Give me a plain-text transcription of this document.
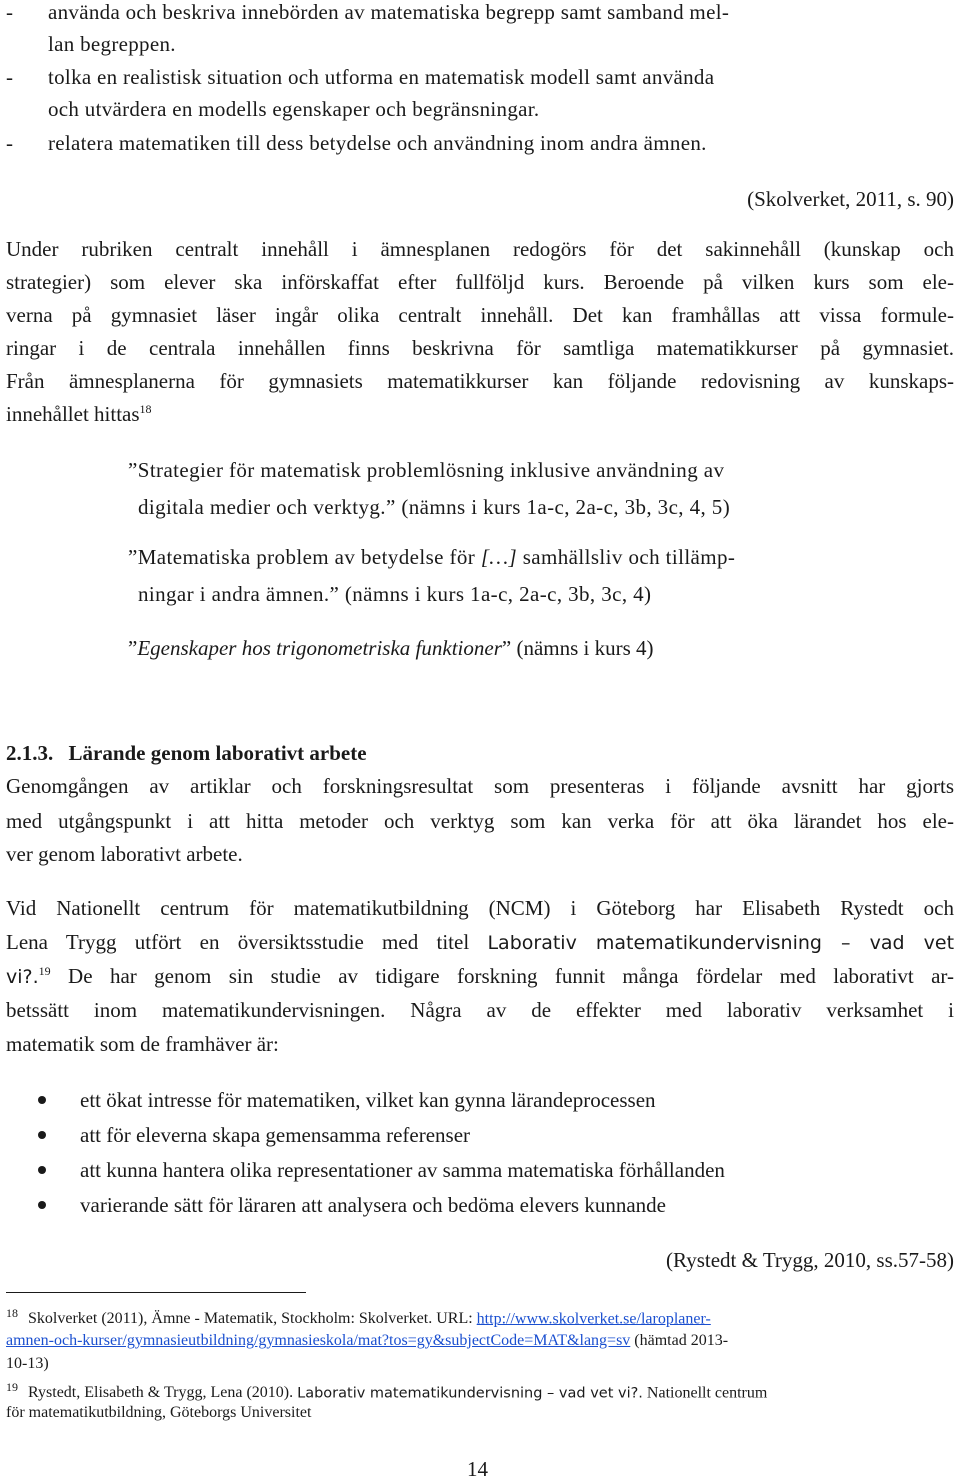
- använda och beskriva innebörden av matematiska begrepp samt samband mel-
lan begreppen.
- tolka en realistisk situation och utforma en matematisk modell samt använda
och utvärdera en modells egenskaper och begränsningar.
- relatera matematiken till dess betydelse och användning inom andra ämnen.
(Skolverket, 2011, s. 90)
Under rubriken centralt innehåll i ämnesplanen redogörs för det sakinnehåll (kunskap och
strategier) som elever ska införskaffat efter fullföljd kurs. Beroende på vilken kurs som ele-
verna på gymnasiet läser ingår olika centralt innehåll. Det kan framhållas att vissa formule-
ringar i de centrala innehållen finns beskrivna för samtliga matematikkurser på gymnasiet.
Från ämnesplanerna för gymnasiets matematikkurser kan följande redovisning av kunskaps-
innehållet hittas$^{18}$
”Strategier för matematisk problemlösning inklusive användning av
digitala medier och verktyg.” (nämns i kurs 1a-c, 2a-c, 3b, 3c, 4, 5)
”Matematiska problem av betydelse för […] samhällsliv och tillämp-
ningar i andra ämnen.” (nämns i kurs 1a-c, 2a-c, 3b, 3c, 4)
”Egenskaper hos trigonometriska funktioner” (nämns i kurs 4)
2.1.3. Lärande genom laborativt arbete
Genomgången av artiklar och forskningsresultat som presenteras i följande avsnitt har gjorts
med utgångspunkt i att hitta metoder och verktyg som kan verka för att öka lärandet hos ele-
ver genom laborativt arbete.
Vid Nationellt centrum för matematikutbildning (NCM) i Göteborg har Elisabeth Rystedt och
Lena Trygg utfört en översiktsstudie med titel Laborativ matematikundervisning – vad vet
vi?.$^{19}$ De har genom sin studie av tidigare forskning funnit många fördelar med laborativt ar-
betssätt inom matematikundervisningen. Några av de effekter med laborativ verksamhet i
matematik som de framhäver är:
ett ökat intresse för matematiken, vilket kan gynna lärandeprocessen
att för eleverna skapa gemensamma referenser
att kunna hantera olika representationer av samma matematiska förhållanden
varierande sätt för läraren att analysera och bedöma elevers kunnande
(Rystedt & Trygg, 2010, ss.57-58)
$^{18}$ Skolverket (2011), Ämne - Matematik, Stockholm: Skolverket. URL: http://www.skolverket.se/laroplaner-
amnen-och-kurser/gymnasieutbildning/gymnasieskola/mat?tos=gy&subjectCode=MAT&lang=sv (hämtad 2013-
10-13)
$^{19}$ Rystedt, Elisabeth & Trygg, Lena (2010). Laborativ matematikundervisning – vad vet vi?. Nationellt centrum
för matematikutbildning, Göteborgs Universitet
14
